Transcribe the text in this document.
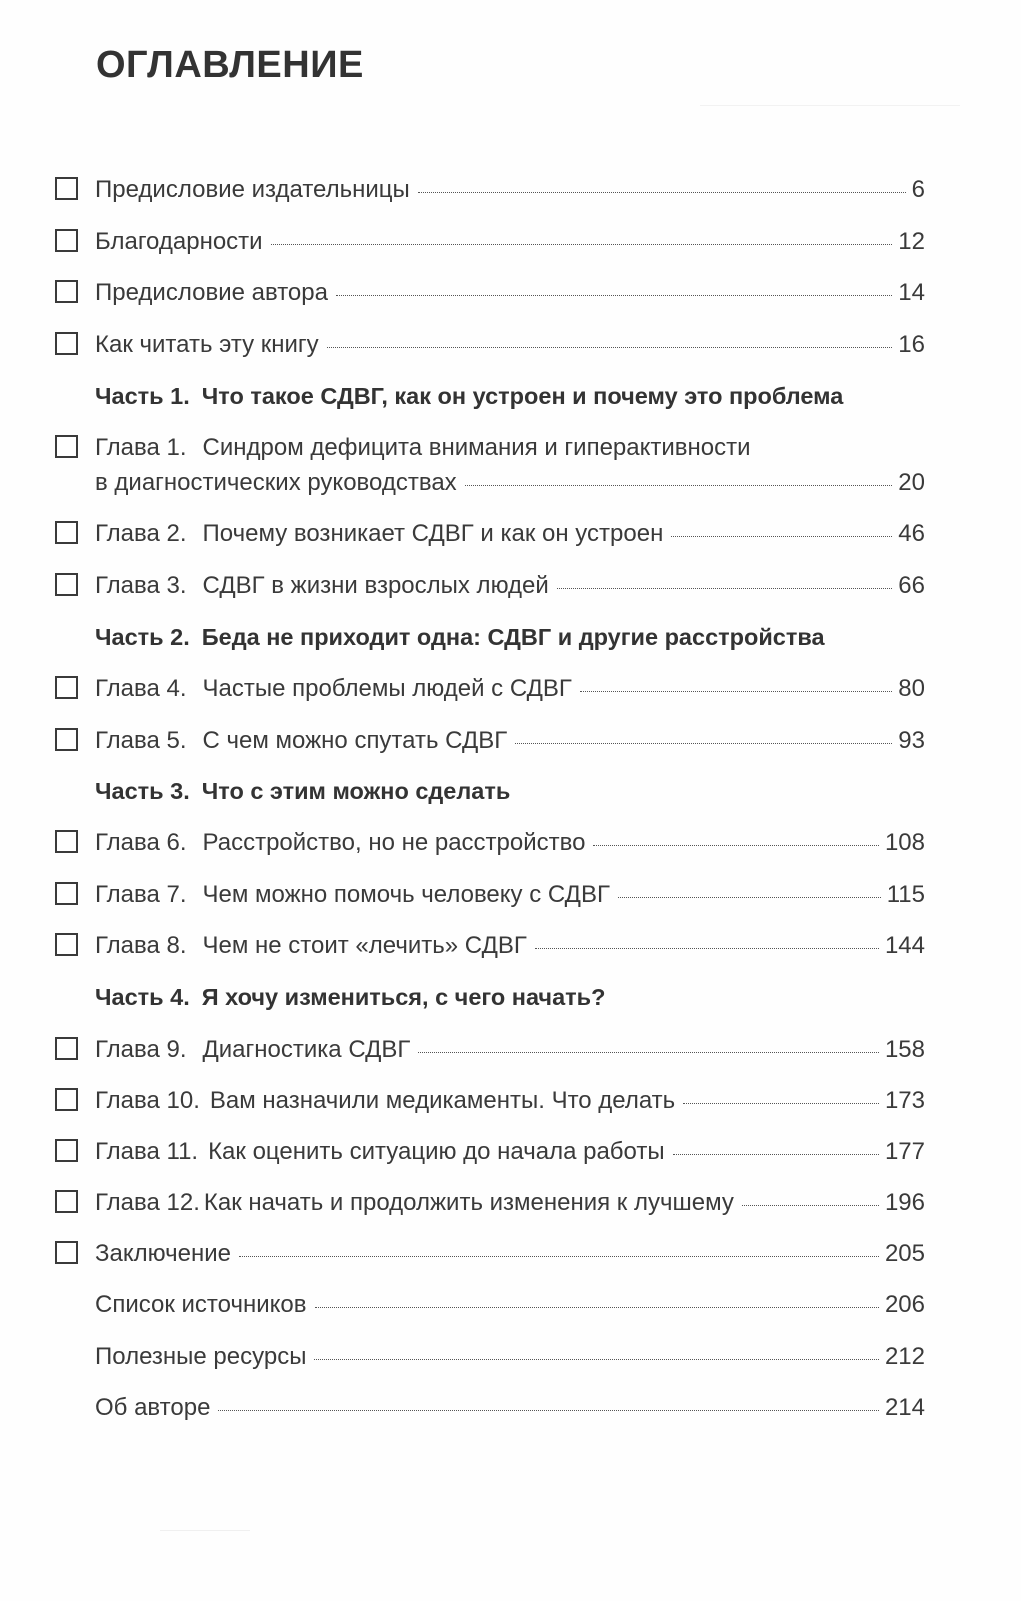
ОГЛАВЛЕНИЕ
Предисловие издательницы	6
Благодарности	12
Предисловие автора	14
Как читать эту книгу	16
Часть 1. Что такое СДВГ, как он устроен и почему это проблема
Глава 1. Синдром дефицита внимания и гиперактивности
в диагностических руководствах	20
Глава 2. Почему возникает СДВГ и как он устроен	46
Глава 3. СДВГ в жизни взрослых людей	66
Часть 2. Беда не приходит одна: СДВГ и другие расстройства
Глава 4. Частые проблемы людей с СДВГ	80
Глава 5. С чем можно спутать СДВГ	93
Часть 3. Что с этим можно сделать
Глава 6. Расстройство, но не расстройство	108
Глава 7. Чем можно помочь человеку с СДВГ	115
Глава 8. Чем не стоит «лечить» СДВГ	144
Часть 4. Я хочу измениться, с чего начать?
Глава 9. Диагностика СДВГ	158
Глава 10. Вам назначили медикаменты. Что делать	173
Глава 11. Как оценить ситуацию до начала работы	177
Глава 12. Как начать и продолжить изменения к лучшему	196
Заключение	205
Список источников	206
Полезные ресурсы	212
Об авторе	214
